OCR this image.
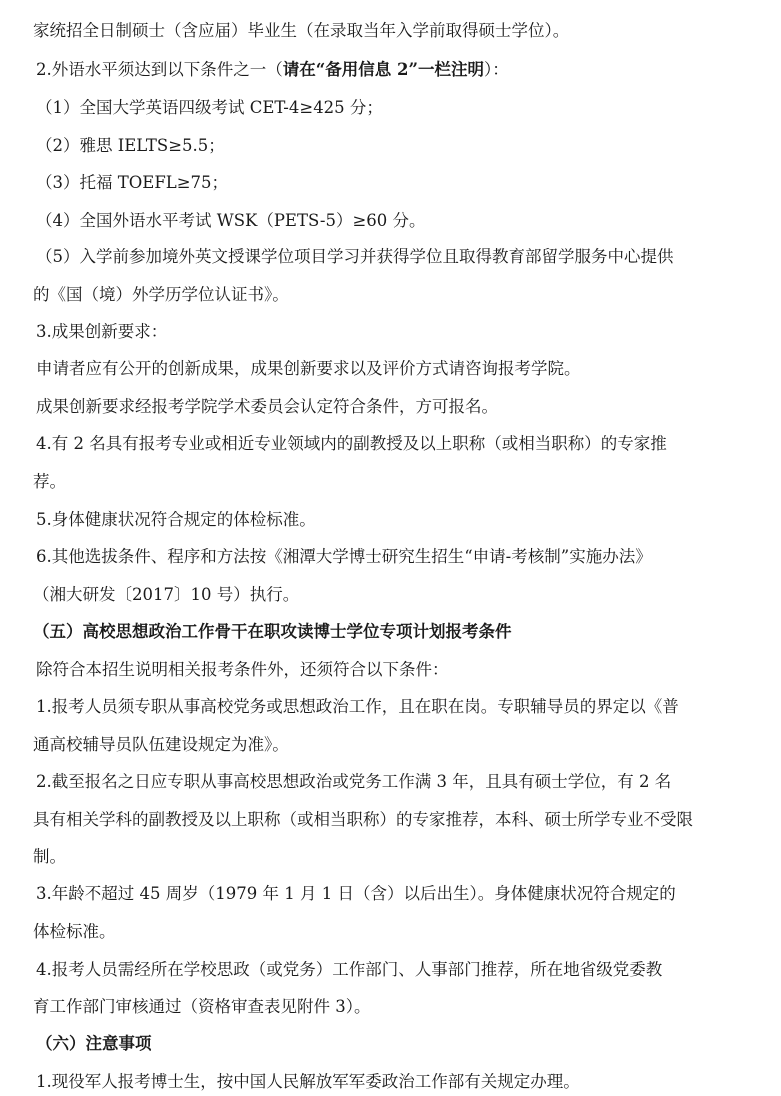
家统招全日制硕士（含应届）毕业生（在录取当年入学前取得硕士学位）。
2.外语水平须达到以下条件之一（请在“备用信息 2”一栏注明）：
（1）全国大学英语四级考试 CET-4≥425 分；
（2）雅思 IELTS≥5.5；
（3）托福 TOEFL≥75；
（4）全国外语水平考试 WSK（PETS-5）≥60 分。
（5）入学前参加境外英文授课学位项目学习并获得学位且取得教育部留学服务中心提供
的《国（境）外学历学位认证书》。
3.成果创新要求：
申请者应有公开的创新成果，成果创新要求以及评价方式请咨询报考学院。
成果创新要求经报考学院学术委员会认定符合条件，方可报名。
4.有 2 名具有报考专业或相近专业领域内的副教授及以上职称（或相当职称）的专家推
荐。
5.身体健康状况符合规定的体检标准。
6.其他选拔条件、程序和方法按《湘潭大学博士研究生招生“申请-考核制”实施办法》
（湘大研发〔2017〕10 号）执行。
（五）高校思想政治工作骨干在职攻读博士学位专项计划报考条件
除符合本招生说明相关报考条件外，还须符合以下条件：
1.报考人员须专职从事高校党务或思想政治工作，且在职在岗。专职辅导员的界定以《普
通高校辅导员队伍建设规定为准》。
2.截至报名之日应专职从事高校思想政治或党务工作满 3 年，且具有硕士学位，有 2 名
具有相关学科的副教授及以上职称（或相当职称）的专家推荐，本科、硕士所学专业不受限
制。
3.年龄不超过 45 周岁（1979 年 1 月 1 日（含）以后出生）。身体健康状况符合规定的
体检标准。
4.报考人员需经所在学校思政（或党务）工作部门、人事部门推荐，所在地省级党委教
育工作部门审核通过（资格审查表见附件 3）。
（六）注意事项
1.现役军人报考博士生，按中国人民解放军军委政治工作部有关规定办理。
